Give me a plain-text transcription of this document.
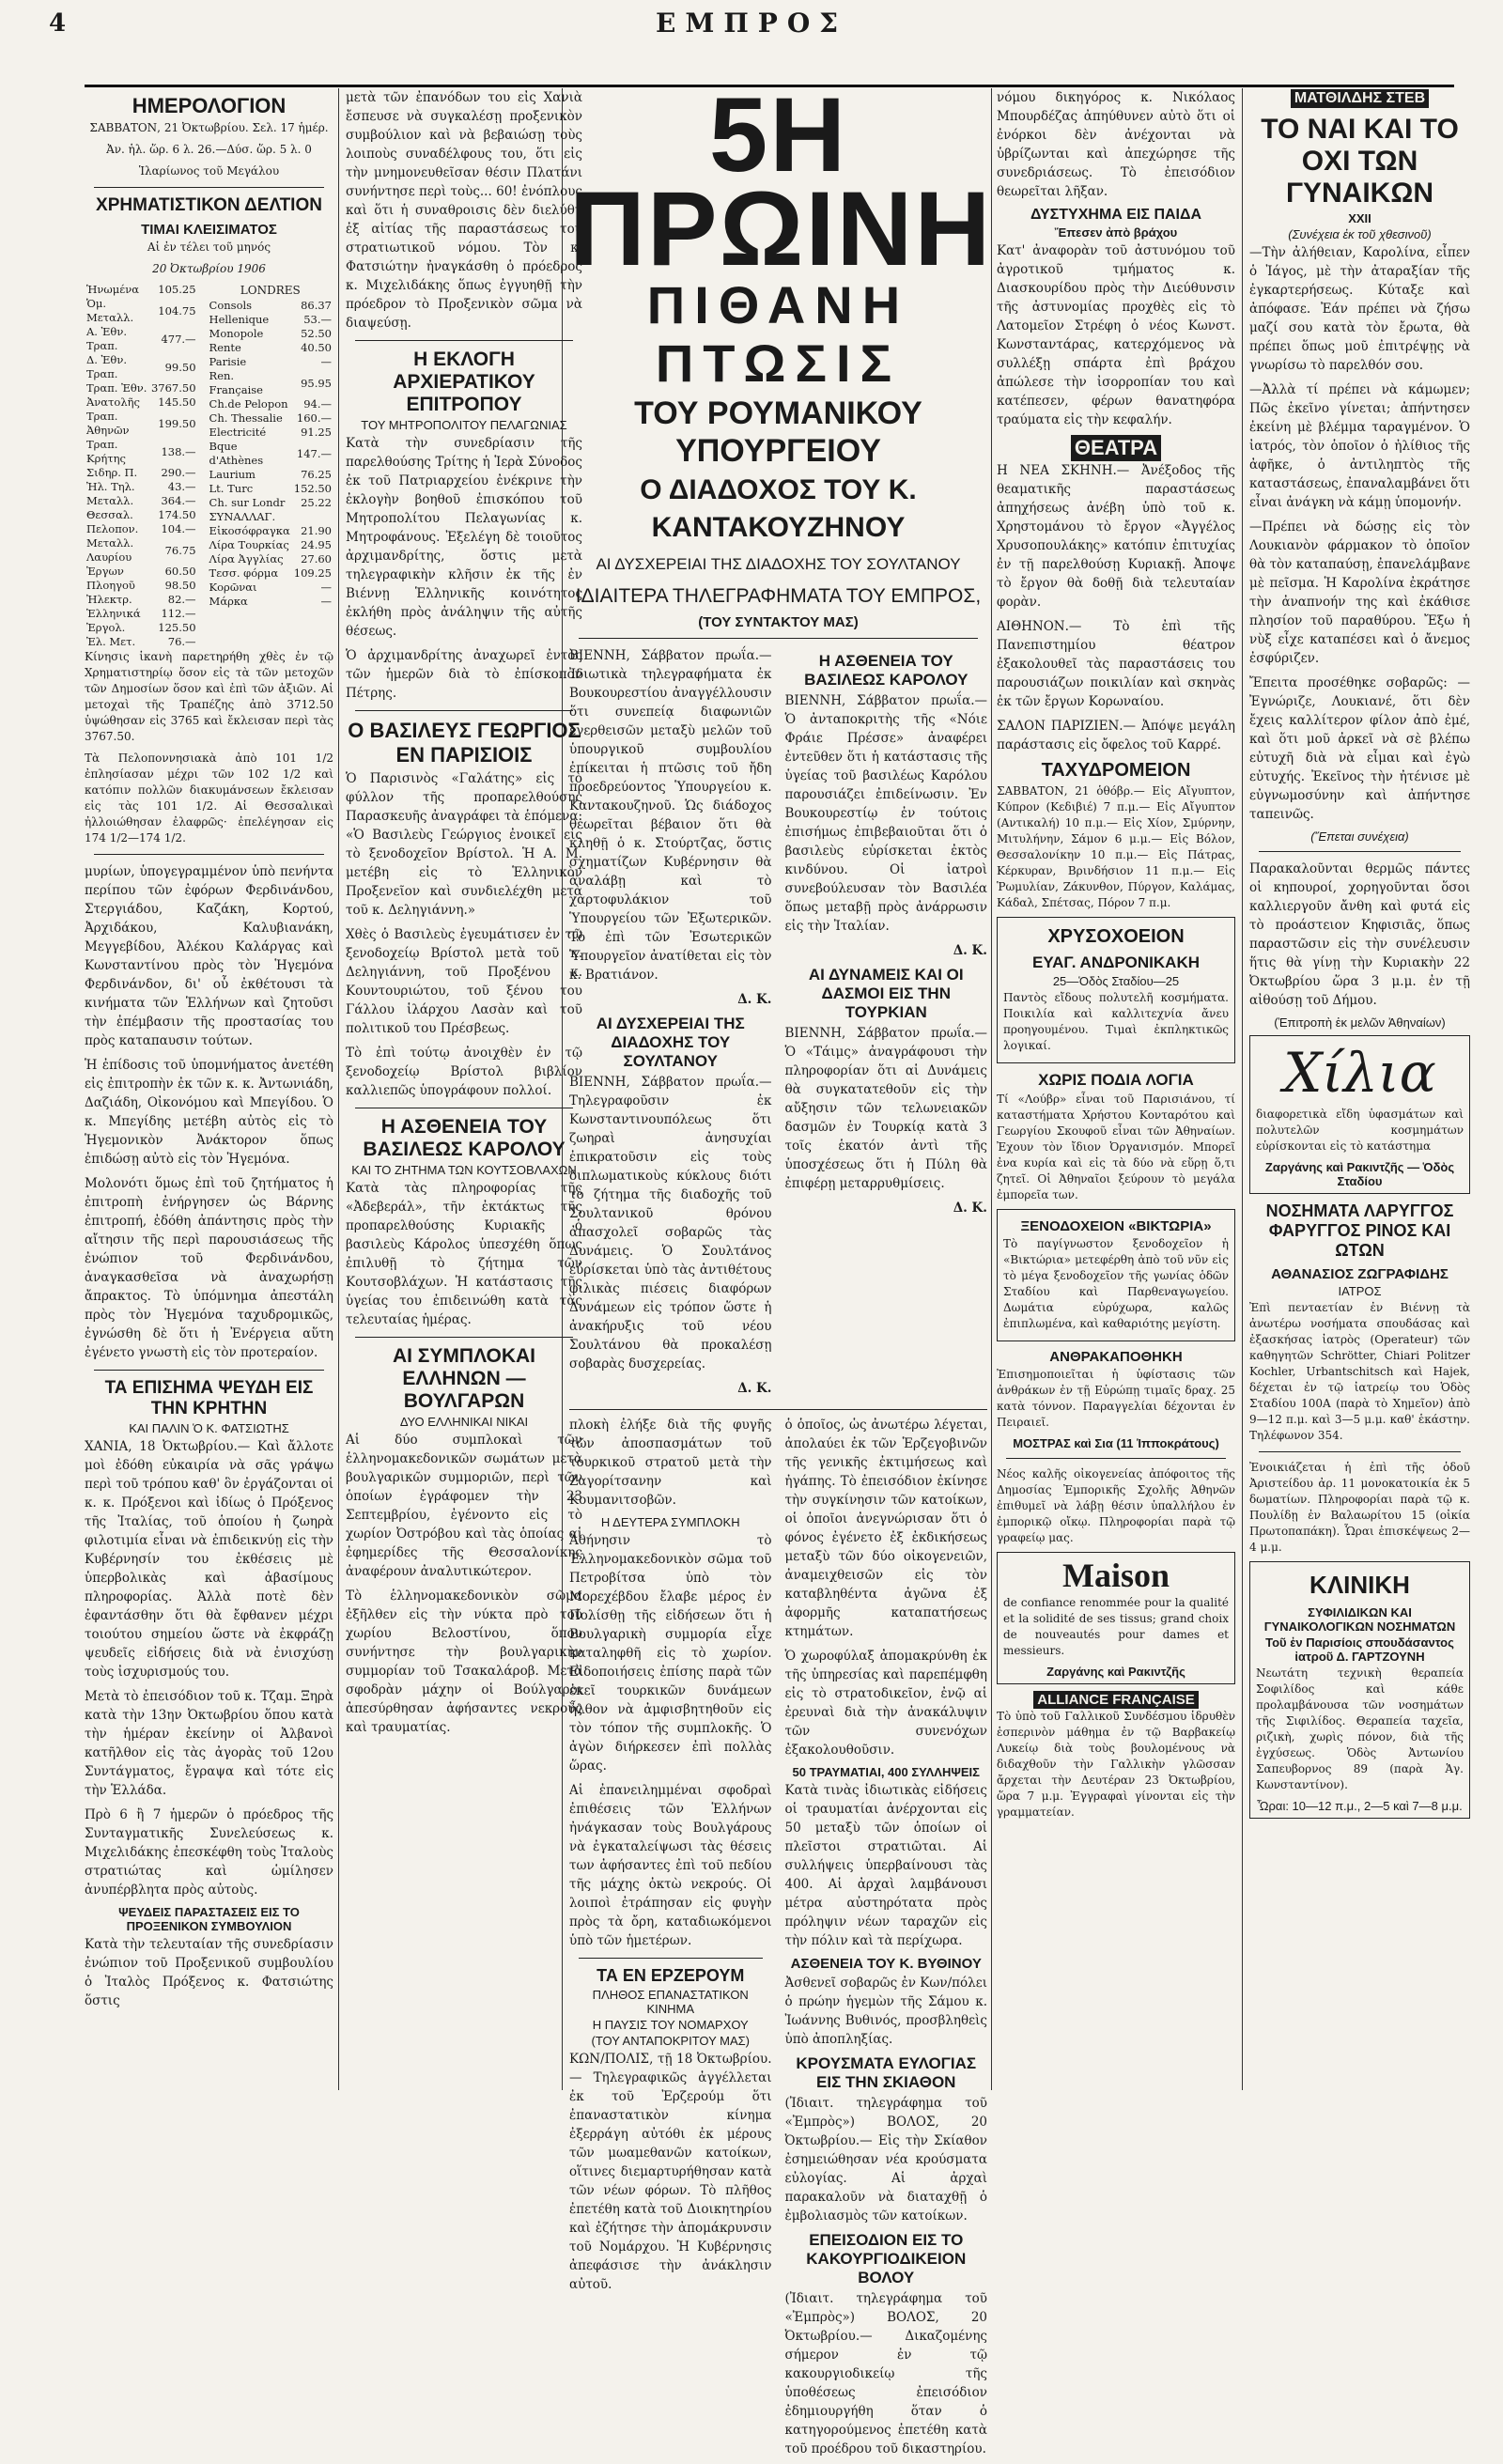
4	ΕΜΠΡΟΣ
ΗΜΕΡΟΛΟΓΙΟΝ
ΣΑΒΒΑΤΟΝ, 21 Ὀκτωβρίου. Σελ. 17 ἡμέρ.
Ἀν. ἡλ. ὥρ. 6 λ. 26.—Δύσ. ὥρ. 5 λ. 0
Ἱλαρίωνος τοῦ Μεγάλου
ΧΡΗΜΑΤΙΣΤΙΚΟΝ ΔΕΛΤΙΟΝ
ΤΙΜΑΙ ΚΛΕΙΣΙΜΑΤΟΣ
Αἱ ἐν τέλει τοῦ μηνός
20 Ὀκτωβρίου 1906
Ἡνωμένα	105.25
Ὁμ. Μεταλλ.	104.75
Α. Ἐθν. Τραπ.	477.—
Δ. Ἐθν. Τραπ.	99.50
Τραπ. Ἐθν.	3767.50
Ἀνατολῆς	145.50
Τραπ. Ἀθηνῶν	199.50
Τραπ. Κρήτης	138.—
Σιδηρ. Π.	290.—
Ἠλ. Τηλ.	43.—
Μεταλλ.	364.—
Θεσσαλ.	174.50
Πελοπον.	104.—
Μεταλλ. Λαυρίου	76.75
Ἐργων	60.50
Πλοηγοῦ	98.50
Ἠλεκτρ.	82.—
Ἑλληνικά	112.—
Ἐργολ.	125.50
Ἐλ. Μετ.	76.—
LONDRES
Consols	86.37
Hellenique	53.—
Monopole	52.50
Rente	40.50
Parisie	—
Ren. Française	95.95
Ch.de Pelopon	94.—
Ch. Thessalie	160.—
Electricité	91.25
Bque d'Athènes	147.—
Laurium	76.25
Lt. Turc	152.50
Ch. sur Londr	25.22
ΣΥΝΑΛΛΑΓ.	
Εἰκοσόφραγκα	21.90
Λίρα Τουρκίας	24.95
Λίρα Ἀγγλίας	27.60
Τεσσ. φόρμα	109.25
Κορῶναι	—
Μάρκα	—

Κίνησις ἱκανὴ παρετηρήθη χθὲς ἐν τῷ Χρηματιστηρίῳ ὅσον εἰς τὰ τῶν μετοχῶν τῶν Δημοσίων ὅσον καὶ ἐπὶ τῶν ἀξιῶν. Αἱ μετοχαὶ τῆς Τραπέζης ἀπὸ 3712.50 ὑψώθησαν εἰς 3765 καὶ ἔκλεισαν περὶ τὰς 3767.50.

Τὰ Πελοποννησιακὰ ἀπὸ 101 1/2 ἐπλησίασαν μέχρι τῶν 102 1/2 καὶ κατόπιν πολλῶν διακυμάνσεων ἔκλεισαν εἰς τὰς 101 1/2. Αἱ Θεσσαλικαὶ ἠλλοιώθησαν ἐλαφρῶς· ἐπελέγησαν εἰς 174 1/2—174 1/2.

μυρίων, ὑπογεγραμμένον ὑπὸ πενήντα περίπου τῶν ἐφόρων Φερδινάνδου, Στεργιάδου, Καζάκη, Κορτού, Ἀρχιδάκου, Καλυβιανάκη, Μεγγεβίδου, Ἀλέκου Καλάργας καὶ Κωνσταντίνου πρὸς τὸν Ἡγεμόνα Φερδινάνδον, δι' οὗ ἐκθέτουσι τὰ κινήματα τῶν Ἑλλήνων καὶ ζητοῦσι τὴν ἐπέμβασιν τῆς προστασίας του πρὸς καταπαυσιν τούτων.

Ἡ ἐπίδοσις τοῦ ὑπομνήματος ἀνετέθη εἰς ἐπιτροπὴν ἐκ τῶν κ. κ. Ἀντωνιάδη, Δαζιάδη, Οἰκονόμου καὶ Μπεγίδου. Ὁ κ. Μπεγίδης μετέβη αὐτὸς εἰς τὸ Ἡγεμονικὸν Ἀνάκτορον ὅπως ἐπιδώσῃ αὐτὸ εἰς τὸν Ἡγεμόνα.

Μολονότι ὅμως ἐπὶ τοῦ ζητήματος ἡ ἐπιτροπὴ ἐνήργησεν ὡς Βάρνης ἐπιτροπή, ἐδόθη ἀπάντησις πρὸς τὴν αἴτησιν τῆς περὶ παρουσιάσεως τῆς ἐνώπιον τοῦ Φερδινάνδου, ἀναγκασθεῖσα νὰ ἀναχωρήσῃ ἄπρακτος. Τὸ ὑπόμνημα ἀπεστάλη πρὸς τὸν Ἡγεμόνα ταχυδρομικῶς, ἐγνώσθη δὲ ὅτι ἡ Ἐνέργεια αὕτη ἐγένετο γνωστὴ εἰς τὸν προτεραίον.

ΤΑ ΕΠΙΣΗΜΑ ΨΕΥΔΗ ΕΙΣ ΤΗΝ ΚΡΗΤΗΝ
ΚΑΙ ΠΑΛΙΝ Ὁ Κ. ΦΑΤΣΙΩΤΗΣ

ΧΑΝΙΑ, 18 Ὀκτωβρίου.— Καὶ ἄλλοτε μοὶ ἐδόθη εὐκαιρία νὰ σᾶς γράψω περὶ τοῦ τρόπου καθ' ὃν ἐργάζονται οἱ κ. κ. Πρόξενοι καὶ ἰδίως ὁ Πρόξενος τῆς Ἰταλίας, τοῦ ὁποίου ἡ ζωηρὰ φιλοτιμία εἶναι νὰ ἐπιδεικνύῃ εἰς τὴν Κυβέρνησίν του ἐκθέσεις μὲ ὑπερβολικὰς καὶ ἀβασίμους πληροφορίας. Ἀλλὰ ποτὲ δὲν ἐφαντάσθην ὅτι θὰ ἔφθανεν μέχρι τοιούτου σημείου ὥστε νὰ ἐκφράζῃ ψευδεῖς εἰδήσεις διὰ νὰ ἐνισχύσῃ τοὺς ἰσχυρισμούς του.

Μετὰ τὸ ἐπεισόδιον τοῦ κ. Τζαμ. Ξηρὰ κατὰ τὴν 13ην Ὀκτωβρίου ὅπου κατὰ τὴν ἡμέραν ἐκείνην οἱ Ἀλβανοὶ κατῆλθον εἰς τὰς ἀγορὰς τοῦ 12ου Συντάγματος, ἔγραψα καὶ τότε εἰς τὴν Ἑλλάδα.

Πρὸ 6 ἢ 7 ἡμερῶν ὁ πρόεδρος τῆς Συνταγματικῆς Συνελεύσεως κ. Μιχελιδάκης ἐπεσκέφθη τοὺς Ἰταλοὺς στρατιώτας καὶ ὡμίλησεν ἀνυπέρβλητα πρὸς αὐτοὺς.

ΨΕΥΔΕΙΣ ΠΑΡΑΣΤΑΣΕΙΣ ΕΙΣ ΤΟ ΠΡΟΞΕΝΙΚΟΝ ΣΥΜΒΟΥΛΙΟΝ

Κατὰ τὴν τελευταίαν τῆς συνεδρίασιν ἐνώπιον τοῦ Προξενικοῦ συμβουλίου ὁ Ἰταλὸς Πρόξενος κ. Φατσιώτης ὅστις

μετὰ τῶν ἐπανόδων του εἰς Χανιὰ ἔσπευσε νὰ συγκαλέσῃ προξενικὸν συμβούλιον καὶ νὰ βεβαιώσῃ τοὺς λοιποὺς συναδέλφους του, ὅτι εἰς τὴν μνημονευθεῖσαν θέσιν Πλατάνι συνήντησε περὶ τοὺς... 60! ἐνόπλους καὶ ὅτι ἡ συναθροισις δὲν διελύθη ἐξ αἰτίας τῆς παραστάσεως τοῦ στρατιωτικοῦ νόμου. Τὸν κ. Φατσιώτην ἠναγκάσθη ὁ πρόεδρος κ. Μιχελιδάκης ὅπως ἐγγυηθῇ τὴν πρόεδρον τὸ Προξενικὸν σῶμα νὰ διαψεύσῃ.

Η ΕΚΛΟΓΗ ΑΡΧΙΕΡΑΤΙΚΟΥ ΕΠΙΤΡΟΠΟΥ
ΤΟΥ ΜΗΤΡΟΠΟΛΙΤΟΥ ΠΕΛΑΓΩΝΙΑΣ

Κατὰ τὴν συνεδρίασιν τῆς παρελθούσης Τρίτης ἡ Ἱερὰ Σύνοδος ἐκ τοῦ Πατριαρχείου ἐνέκρινε τὴν ἐκλογὴν βοηθοῦ ἐπισκόπου τοῦ Μητροπολίτου Πελαγωνίας κ. Μητροφάνους. Ἐξελέγη δὲ τοιοῦτος ἀρχιμανδρίτης, ὅστις μετὰ τηλεγραφικὴν κλῆσιν ἐκ τῆς ἐν Βιέννῃ Ἑλληνικῆς κοινότητος ἐκλήθη πρὸς ἀνάληψιν τῆς αὐτῆς θέσεως.

Ὁ ἀρχιμανδρίτης ἀναχωρεῖ ἐντὸς τῶν ἡμερῶν διὰ τὸ ἐπίσκοπον Πέτρης.

Ο ΒΑΣΙΛΕΥΣ ΓΕΩΡΓΙΟΣ ΕΝ ΠΑΡΙΣΙΟΙΣ

Ὁ Παρισινὸς «Γαλάτης» εἰς τὸ φύλλον τῆς προπαρελθούσης Παρασκευῆς ἀναγράφει τὰ ἑπόμενα: «Ὁ Βασιλεὺς Γεώργιος ἐνοικεῖ εἰς τὸ ξενοδοχεῖον Βρίστολ. Ἡ Α. Μ. μετέβη εἰς τὸ Ἑλληνικὸν Προξενεῖον καὶ συνδιελέχθη μετὰ τοῦ κ. Δεληγιάννη.»

Χθὲς ὁ Βασιλεὺς ἐγευμάτισεν ἐν τῷ ξενοδοχείῳ Βρίστολ μετὰ τοῦ κ. Δεληγιάννη, τοῦ Προξένου κ. Κουντουριώτου, τοῦ ξένου του Γάλλου ἱλάρχου Λασὰν καὶ τοῦ πολιτικοῦ του Πρέσβεως.

Τὸ ἐπὶ τούτῳ ἀνοιχθὲν ἐν τῷ ξενοδοχείῳ Βρίστολ βιβλίον καλλιεπῶς ὑπογράφουν πολλοί.

Η ΑΣΘΕΝΕΙΑ ΤΟΥ ΒΑΣΙΛΕΩΣ ΚΑΡΟΛΟΥ
ΚΑΙ ΤΟ ΖΗΤΗΜΑ ΤΩΝ ΚΟΥΤΣΟΒΛΑΧΩΝ

Κατὰ τὰς πληροφορίας τῆς «Ἀδεβεράλ», τῆν ἐκτάκτως τῆς προπαρελθούσης Κυριακῆς ὁ βασιλεὺς Κάρολος ὑπεσχέθη ὅπως ἐπιλυθῇ τὸ ζήτημα τῶν Κουτσοβλάχων. Ἡ κατάστασις τῆς ὑγείας του ἐπιδεινώθη κατὰ τὰς τελευταίας ἡμέρας.

ΑΙ ΣΥΜΠΛΟΚΑΙ ΕΛΛΗΝΩΝ — ΒΟΥΛΓΑΡΩΝ
ΔΥΟ ΕΛΛΗΝΙΚΑΙ ΝΙΚΑΙ

Αἱ δύο συμπλοκαὶ τῶν ἑλληνομακεδονικῶν σωμάτων μετὰ βουλγαρικῶν συμμοριῶν, περὶ τῶν ὁποίων ἐγράφομεν τὴν 23 Σεπτεμβρίου, ἐγένοντο εἰς τὸ χωρίον Ὀστρόβου καὶ τὰς ὁποίας αἱ ἐφημερίδες τῆς Θεσσαλονίκης ἀναφέρουν ἀναλυτικώτερον.

Τὸ ἑλληνομακεδονικὸν σῶμα ἐξῆλθεν εἰς τὴν νύκτα πρὸ τοῦ χωρίου Βελοστίνου, ὅπου συνήντησε τὴν βουλγαρικὴν συμμορίαν τοῦ Τσακαλάροβ. Μετὰ σφοδρὰν μάχην οἱ Βούλγαροι ἀπεσύρθησαν ἀφήσαντες νεκροὺς καὶ τραυματίας.

5Η ΠΡΩΙΝΗ
ΠΙΘΑΝΗ ΠΤΩΣΙΣ
ΤΟΥ ΡΟΥΜΑΝΙΚΟΥ ΥΠΟΥΡΓΕΙΟΥ
Ο ΔΙΑΔΟΧΟΣ ΤΟΥ Κ. ΚΑΝΤΑΚΟΥΖΗΝΟΥ
ΑΙ ΔΥΣΧΕΡΕΙΑΙ ΤΗΣ ΔΙΑΔΟΧΗΣ ΤΟΥ ΣΟΥΛΤΑΝΟΥ
ΙΔΙΑΙΤΕΡΑ ΤΗΛΕΓΡΑΦΗΜΑΤΑ ΤΟΥ ΕΜΠΡΟΣ,
(ΤΟΥ ΣΥΝΤΑΚΤΟΥ ΜΑΣ)

ΒΙΕΝΝΗ, Σάββατον πρωΐα.— Ἰδιωτικὰ τηλεγραφήματα ἐκ Βουκουρεστίου ἀναγγέλλουσιν ὅτι συνεπείᾳ διαφωνιῶν ἐγερθεισῶν μεταξὺ μελῶν τοῦ ὑπουργικοῦ συμβουλίου ἐπίκειται ἡ πτῶσις τοῦ ἤδη προεδρεύοντος Ὑπουργείου κ. Καντακουζηνοῦ. Ὡς διάδοχος θεωρεῖται βέβαιον ὅτι θὰ κληθῇ ὁ κ. Στούρτζας, ὅστις σχηματίζων Κυβέρνησιν θὰ ἀναλάβῃ καὶ τὸ χαρτοφυλάκιον τοῦ Ὑπουργείου τῶν Ἐξωτερικῶν. Τὸ ἐπὶ τῶν Ἐσωτερικῶν Ὑπουργεῖον ἀνατίθεται εἰς τὸν κ. Βρατιάνον.

Δ. Κ.
ΑΙ ΔΥΣΧΕΡΕΙΑΙ ΤΗΣ ΔΙΑΔΟΧΗΣ ΤΟΥ ΣΟΥΛΤΑΝΟΥ

ΒΙΕΝΝΗ, Σάββατον πρωΐα.— Τηλεγραφοῦσιν ἐκ Κωνσταντινουπόλεως ὅτι ζωηραὶ ἀνησυχίαι ἐπικρατοῦσιν εἰς τοὺς διπλωματικοὺς κύκλους διότι τὸ ζήτημα τῆς διαδοχῆς τοῦ Σουλτανικοῦ θρόνου ἀπασχολεῖ σοβαρῶς τὰς Δυνάμεις. Ὁ Σουλτάνος εὑρίσκεται ὑπὸ τὰς ἀντιθέτους φιλικὰς πιέσεις διαφόρων Δυνάμεων εἰς τρόπον ὥστε ἡ ἀνακήρυξις τοῦ νέου Σουλτάνου θὰ προκαλέσῃ σοβαρὰς δυσχερείας.

Δ. Κ.
Η ΑΣΘΕΝΕΙΑ ΤΟΥ ΒΑΣΙΛΕΩΣ ΚΑΡΟΛΟΥ

ΒΙΕΝΝΗ, Σάββατον πρωΐα.— Ὁ ἀνταποκριτὴς τῆς «Νόιε Φράιε Πρέσσε» ἀναφέρει ἐντεῦθεν ὅτι ἡ κατάστασις τῆς ὑγείας τοῦ βασιλέως Καρόλου παρουσιάζει ἐπιδείνωσιν. Ἐν Βουκουρεστίῳ ἐν τούτοις ἐπισήμως ἐπιβεβαιοῦται ὅτι ὁ βασιλεὺς εὑρίσκεται ἐκτὸς κινδύνου. Οἱ ἰατροὶ συνεβούλευσαν τὸν Βασιλέα ὅπως μεταβῇ πρὸς ἀνάρρωσιν εἰς τὴν Ἰταλίαν.

Δ. Κ.
ΑΙ ΔΥΝΑΜΕΙΣ ΚΑΙ ΟΙ ΔΑΣΜΟΙ ΕΙΣ ΤΗΝ ΤΟΥΡΚΙΑΝ

ΒΙΕΝΝΗ, Σάββατον πρωΐα.— Ὁ «Τάιμς» ἀναγράφουσι τὴν πληροφορίαν ὅτι αἱ Δυνάμεις θὰ συγκατατεθοῦν εἰς τὴν αὔξησιν τῶν τελωνειακῶν δασμῶν ἐν Τουρκίᾳ κατὰ 3 τοῖς ἑκατόν ἀντὶ τῆς ὑποσχέσεως ὅτι ἡ Πύλη θὰ ἐπιφέρῃ μεταρρυθμίσεις.

Δ. Κ.

πλοκὴ ἐλήξε διὰ τῆς φυγῆς τῶν ἀποσπασμάτων τοῦ τουρκικοῦ στρατοῦ μετὰ τὴν Ζαγορίτσανην καὶ Κουμανιτσοβῶν.

Η ΔΕΥΤΕΡΑ ΣΥΜΠΛΟΚΗ

Ἀθήνησιν τὸ Ἑλληνομακεδονικὸν σῶμα τοῦ Πετροβίτσα ὑπὸ τὸν Μορεχέβδου ἔλαβε μέρος ἐν Πολίσθῃ τῆς εἰδήσεων ὅτι ἡ Βουλγαρικὴ συμμορία εἶχε καταληφθῆ εἰς τὸ χωρίον. Εἰδοποιήσεις ἐπίσης παρὰ τῶν ἐκεῖ τουρκικῶν δυνάμεων ἦλθον νὰ ἀμφισβητηθοῦν εἰς τὸν τόπον τῆς συμπλοκῆς. Ὁ ἀγὼν διήρκεσεν ἐπὶ πολλὰς ὥρας.

Αἱ ἐπανειλημμέναι σφοδραὶ ἐπιθέσεις τῶν Ἑλλήνων ἠνάγκασαν τοὺς Βουλγάρους νὰ ἐγκαταλείψωσι τὰς θέσεις των ἀφήσαντες ἐπὶ τοῦ πεδίου τῆς μάχης ὀκτὼ νεκρούς. Οἱ λοιποὶ ἐτράπησαν εἰς φυγὴν πρὸς τὰ ὄρη, καταδιωκόμενοι ὑπὸ τῶν ἡμετέρων.

ΤΑ ΕΝ ΕΡΖΕΡΟΥΜ
ΠΛΗΘΟΣ ΕΠΑΝΑΣΤΑΤΙΚΟΝ ΚΙΝΗΜΑ
Η ΠΑΥΣΙΣ ΤΟΥ ΝΟΜΑΡΧΟΥ
(ΤΟΥ ΑΝΤΑΠΟΚΡΙΤΟΥ ΜΑΣ)

ΚΩΝ/ΠΟΛΙΣ, τῇ 18 Ὀκτωβρίου.— Τηλεγραφικῶς ἀγγέλλεται ἐκ τοῦ Ἐρζερούμ ὅτι ἐπαναστατικὸν κίνημα ἐξερράγη αὐτόθι ἐκ μέρους τῶν μωαμεθανῶν κατοίκων, οἵτινες διεμαρτυρήθησαν κατὰ τῶν νέων φόρων. Τὸ πλῆθος ἐπετέθη κατὰ τοῦ Διοικητηρίου καὶ ἐζήτησε τὴν ἀπομάκρυνσιν τοῦ Νομάρχου. Ἡ Κυβέρνησις ἀπεφάσισε τὴν ἀνάκλησιν αὐτοῦ.

ὁ ὁποῖος, ὡς ἀνωτέρω λέγεται, ἀπολαύει ἐκ τῶν Ἑρζεγοβινῶν τῆς γενικῆς ἐκτιμήσεως καὶ ἠγάπης. Τὸ ἐπεισόδιον ἐκίνησε τὴν συγκίνησιν τῶν κατοίκων, οἱ ὁποῖοι ἀνεγνώρισαν ὅτι ὁ φόνος ἐγένετο ἐξ ἐκδικήσεως μεταξὺ τῶν δύο οἰκογενειῶν, ἀναμειχθεισῶν εἰς τὸν καταβληθέντα ἀγῶνα ἐξ ἀφορμῆς καταπατήσεως κτημάτων.

Ὁ χωροφύλαξ ἀπομακρύνθη ἐκ τῆς ὑπηρεσίας καὶ παρεπέμφθη εἰς τὸ στρατοδικεῖον, ἐνῷ αἱ ἐρευναὶ διὰ τὴν ἀνακάλυψιν τῶν συνενόχων ἐξακολουθοῦσιν.

50 ΤΡΑΥΜΑΤΙΑΙ, 400 ΣΥΛΛΗΨΕΙΣ

Κατὰ τινὰς ἰδιωτικὰς εἰδήσεις οἱ τραυματίαι ἀνέρχονται εἰς 50 μεταξὺ τῶν ὁποίων οἱ πλεῖστοι στρατιῶται. Αἱ συλλήψεις ὑπερβαίνουσι τὰς 400. Αἱ ἀρχαὶ λαμβάνουσι μέτρα αὐστηρότατα πρὸς πρόληψιν νέων ταραχῶν εἰς τὴν πόλιν καὶ τὰ περίχωρα.

ΑΣΘΕΝΕΙΑ ΤΟΥ Κ. ΒΥΘΙΝΟΥ

Ἀσθενεῖ σοβαρῶς ἐν Κων/πόλει ὁ πρώην ἡγεμὼν τῆς Σάμου κ. Ἰωάννης Βυθινός, προσβληθεὶς ὑπὸ ἀποπληξίας.

ΚΡΟΥΣΜΑΤΑ ΕΥΛΟΓΙΑΣ ΕΙΣ ΤΗΝ ΣΚΙΑΘΟΝ

(Ἰδιαιτ. τηλεγράφημα τοῦ «Ἐμπρὸς») ΒΟΛΟΣ, 20 Ὀκτωβρίου.— Εἰς τὴν Σκίαθον ἐσημειώθησαν νέα κρούσματα εὐλογίας. Αἱ ἀρχαὶ παρακαλοῦν νὰ διαταχθῇ ὁ ἐμβολιασμὸς τῶν κατοίκων.

ΕΠΕΙΣΟΔΙΟΝ ΕΙΣ ΤΟ ΚΑΚΟΥΡΓΙΟΔΙΚΕΙΟΝ ΒΟΛΟΥ

(Ἰδιαιτ. τηλεγράφημα τοῦ «Ἐμπρὸς») ΒΟΛΟΣ, 20 Ὀκτωβρίου.— Δικαζομένης σήμερον ἐν τῷ κακουργιοδικείῳ τῆς ὑποθέσεως ἐπεισόδιον ἐδημιουργήθη ὅταν ὁ κατηγορούμενος ἐπετέθη κατὰ τοῦ προέδρου τοῦ δικαστηρίου.

νόμου δικηγόρος κ. Νικόλαος Μπουρδέζας ἀπηύθυνεν αὐτὸ ὅτι οἱ ἐνόρκοι δὲν ἀνέχονται νὰ ὑβρίζωνται καὶ ἀπεχώρησε τῆς συνεδριάσεως. Τὸ ἐπεισόδιον θεωρεῖται λῆξαν.

ΔΥΣΤΥΧΗΜΑ ΕΙΣ ΠΑΙΔΑ
Ἔπεσεν ἀπὸ βράχου

Κατ' ἀναφορὰν τοῦ ἀστυνόμου τοῦ ἀγροτικοῦ τμήματος κ. Διασκουρίδου πρὸς τὴν Διεύθυνσιν τῆς ἀστυνομίας προχθὲς εἰς τὸ Λατομεῖον Στρέφη ὁ νέος Κωνστ. Κωνσταντάρας, κατερχόμενος νὰ συλλέξῃ σπάρτα ἐπὶ βράχου ἀπώλεσε τὴν ἰσορροπίαν του καὶ κατέπεσεν, φέρων θανατηφόρα τραύματα εἰς τὴν κεφαλήν.

ΘΕΑΤΡΑ

Η ΝΕΑ ΣΚΗΝΗ.— Ἀνέξοδος τῆς θεαματικῆς παραστάσεως ἀπηχήσεως ἀνέβη ὑπὸ τοῦ κ. Χρηστομάνου τὸ ἔργον «Ἀγγέλος Χρυσοπουλάκης» κατόπιν ἐπιτυχίας ἐν τῇ παρελθούσῃ Κυριακῇ. Ἀποψε τὸ ἔργον θὰ δοθῇ διὰ τελευταίαν φορὰν.

ΑΙΘΗΝΟΝ.— Τὸ ἐπὶ τῆς Πανεπιστημίου θέατρον ἐξακολουθεῖ τὰς παραστάσεις του παρουσιάζων ποικιλίαν καὶ σκηνὰς ἐκ τῶν ἔργων Κορωναίου.

ΣΑΛΟΝ ΠΑΡΙΖΙΕΝ.— Ἀπόψε μεγάλη παράστασις εἰς ὄφελος τοῦ Καρρέ.

ΤΑΧΥΔΡΟΜΕΙΟΝ

ΣΑΒΒΑΤΟΝ, 21 ὁθόβρ.— Εἰς Αἴγυπτον, Κύπρον (Κεδιβιέ) 7 π.μ.— Εἰς Αἴγυπτον (Αντικαλή) 10 π.μ.— Εἰς Χίον, Σμύρνην, Μιτυλήνην, Σάμον 6 μ.μ.— Εἰς Βόλον, Θεσσαλονίκην 10 π.μ.— Εἰς Πάτρας, Κέρκυραν, Βρινδήσιον 11 π.μ.— Εἰς Ῥωμυλίαν, Ζάκυνθον, Πύργον, Καλάμας, Κάδαλ, Σπέτσας, Πόρον 7 π.μ.

ΧΡΥΣΟΧΟΕΙΟΝ
ΕΥΑΓ. ΑΝΔΡΟΝΙΚΑΚΗ
25—Ὁδὸς Σταδίου—25

Παντὸς εἴδους πολυτελῆ κοσμήματα. Ποικιλία καὶ καλλιτεχνία ἄνευ προηγουμένου. Τιμαὶ ἐκπληκτικῶς λογικαί.

ΧΩΡΙΣ ΠΟΔΙΑ ΛΟΓΙΑ

Τί «Λούβρ» εἶναι τοῦ Παρισιάνου, τί καταστήματα Χρήστου Κονταρότου καὶ Γεωργίου Σκουφοῦ εἶναι τῶν Ἀθηναίων. Ἐχουν τὸν ἴδιον Ὀργανισμόν. Μπορεῖ ἐνα κυρία καὶ εἰς τὰ δύο νὰ εὕρῃ ὅ,τι ζητεῖ. Οἱ Ἀθηναῖοι ξεύρουν τὸ μεγάλα ἐμπορεῖα των.

ΞΕΝΟΔΟΧΕΙΟΝ «ΒΙΚΤΩΡΙΑ»

Τὸ παγίγνωστον ξενοδοχεῖον ἡ «Βικτώρια» μετεφέρθη ἀπὸ τοῦ νῦν εἰς τὸ μέγα ξενοδοχεῖον τῆς γωνίας ὁδῶν Σταδίου καὶ Παρθεναγωγείου. Δωμάτια εὐρύχωρα, καλῶς ἐπιπλωμένα, καὶ καθαριότης μεγίστη.

ΑΝΘΡΑΚΑΠΟΘΗΚΗ

Ἐπισημοποιεῖται ἡ ὑφίστασις τῶν ἀνθράκων ἐν τῇ Εὐρώπῃ τιμαῖς δραχ. 25 κατὰ τόννον. Παραγγελίαι δέχονται ἐν Πειραιεῖ.

ΜΟΣΤΡΑΣ καὶ Σια (11 Ἱπποκράτους)

Νέος καλῆς οἰκογενείας ἀπόφοιτος τῆς Δημοσίας Ἐμπορικῆς Σχολῆς Ἀθηνῶν ἐπιθυμεῖ νὰ λάβῃ θέσιν ὑπαλλήλου ἐν ἐμπορικῷ οἴκῳ. Πληροφορίαι παρὰ τῷ γραφείῳ μας.

Maison

de confiance renommée pour la qualité et la solidité de ses tissus; grand choix de nouveautés pour dames et messieurs.

Ζαργάνης καὶ Ρακιντζῆς
ALLIANCE FRANÇAISE

Τὸ ὑπὸ τοῦ Γαλλικοῦ Συνδέσμου ἱδρυθὲν ἑσπερινὸν μάθημα ἐν τῷ Βαρβακείῳ Λυκείῳ διὰ τοὺς βουλομένους νὰ διδαχθοῦν τὴν Γαλλικὴν γλῶσσαν ἄρχεται τὴν Δευτέραν 23 Ὀκτωβρίου, ὥρα 7 μ.μ. Ἐγγραφαὶ γίνονται εἰς τὴν γραμματείαν.

ΜΑΤΘΙΛΔΗΣ ΣΤΕΒ
ΤΟ ΝΑΙ ΚΑΙ ΤΟ ΟΧΙ ΤΩΝ ΓΥΝΑΙΚΩΝ
XXII
(Συνέχεια ἐκ τοῦ χθεσινοῦ)

—Τὴν ἀλήθειαν, Καρολίνα, εἶπεν ὁ Ἰάγος, μὲ τὴν ἀταραξίαν τῆς ἐγκαρτερήσεως. Κύταξε καὶ ἀπόφασε. Ἐάν πρέπει νὰ ζήσω μαζί σου κατὰ τὸν ἔρωτα, θὰ πρέπει ὅπως μοῦ ἐπιτρέψῃς νὰ γνωρίσω τὸ παρελθόν σου.

—Ἀλλὰ τί πρέπει νὰ κάμωμεν; Πῶς ἐκεῖνο γίνεται; ἀπήντησεν ἐκείνη μὲ βλέμμα ταραγμένον. Ὁ ἰατρός, τὸν ὁποῖον ὁ ἠλίθιος τῆς ἀφῆκε, ὁ ἀντιληπτὸς τῆς καταστάσεως, ἐπαναλαμβάνει ὅτι εἶναι ἀνάγκη νὰ κάμῃ ὑπομονήν.

—Πρέπει νὰ δώσῃς εἰς τὸν Λουκιανὸν φάρμακον τὸ ὁποῖον θὰ τὸν καταπαύσῃ, ἐπανελάμβανε μὲ πεῖσμα. Ἡ Καρολίνα ἐκράτησε τὴν ἀναπνοήν της καὶ ἐκάθισε πλησίον τοῦ παραθύρου. Ἔξω ἡ νὺξ εἶχε καταπέσει καὶ ὁ ἄνεμος ἐσφύριζεν.

Ἔπειτα προσέθηκε σοβαρῶς: —Ἐγνώριζε, Λουκιανέ, ὅτι δὲν ἔχεις καλλίτερον φίλον ἀπὸ ἐμέ, καὶ ὅτι μοῦ ἀρκεῖ νὰ σὲ βλέπω εὐτυχῆ διὰ νὰ εἶμαι καὶ ἐγὼ εὐτυχής. Ἐκεῖνος τὴν ἠτένισε μὲ εὐγνωμοσύνην καὶ ἀπήντησε ταπεινῶς.

(Ἕπεται συνέχεια)

Παρακαλοῦνται θερμῶς πάντες οἱ κηπουροί, χορηγοῦνται ὅσοι καλλιεργοῦν ἄνθη καὶ φυτά εἰς τὸ προάστειον Κηφισιᾶς, ὅπως παραστῶσιν εἰς τὴν συνέλευσιν ἥτις θὰ γίνῃ τὴν Κυριακὴν 22 Ὀκτωβρίου ὥρα 3 μ.μ. ἐν τῇ αἰθούσῃ τοῦ Δήμου.

(Ἐπιτροπὴ ἐκ μελῶν Ἀθηναίων)
Χίλια

διαφορετικὰ εἴδη ὑφασμάτων καὶ πολυτελῶν κοσμημάτων εὑρίσκονται εἰς τὸ κατάστημα

Ζαργάνης καὶ Ρακιντζῆς — Ὁδὸς Σταδίου
ΝΟΣΗΜΑΤΑ ΛΑΡΥΓΓΟΣ ΦΑΡΥΓΓΟΣ ΡΙΝΟΣ ΚΑΙ ΩΤΩΝ
ΑΘΑΝΑΣΙΟΣ ΖΩΓΡΑΦΙΔΗΣ
ΙΑΤΡΟΣ

Ἐπὶ πενταετίαν ἐν Βιέννῃ τὰ ἀνωτέρω νοσήματα σπουδάσας καὶ ἐξασκήσας ἰατρὸς (Operateur) τῶν καθηγητῶν Schrötter, Chiari Politzer Kochler, Urbantschitsch καὶ Hajek, δέχεται ἐν τῷ ἰατρείῳ του Ὁδὸς Σταδίου 100A (παρὰ τὸ Χημεῖον) ἀπὸ 9—12 π.μ. καὶ 3—5 μ.μ. καθ' ἑκάστην. Τηλέφωνον 354.

Ἐνοικιάζεται ἡ ἐπὶ τῆς ὁδοῦ Ἀριστείδου ἀρ. 11 μονοκατοικία ἐκ 5 δωματίων. Πληροφορίαι παρὰ τῷ κ. Πουλίδῃ ἐν Βαλαωρίτου 15 (οἰκία Πρωτοπαπάκη). Ὧραι ἐπισκέψεως 2—4 μ.μ.

ΚΛΙΝΙΚΗ
ΣΥΦΙΛΙΔΙΚΩΝ ΚΑΙ ΓΥΝΑΙΚΟΛΟΓΙΚΩΝ ΝΟΣΗΜΑΤΩΝ
Τοῦ ἐν Παρισίοις σπουδάσαντος ἰατροῦ Δ. ΓΑΡΤΖΟΥΝΗ

Νεωτάτη τεχνικὴ θεραπεία Σοφιλίδος καὶ κάθε προλαμβάνουσα τῶν νοσημάτων τῆς Σιφιλίδος. Θεραπεία ταχεῖα, ριζικὴ, χωρὶς πόνον, διὰ τῆς ἐγχύσεως. Ὁδὸς Ἀντωνίου Σαπευβορνος 89 (παρὰ Ἁγ. Κωνσταντίνον).

Ὧραι: 10—12 π.μ., 2—5 καὶ 7—8 μ.μ.
